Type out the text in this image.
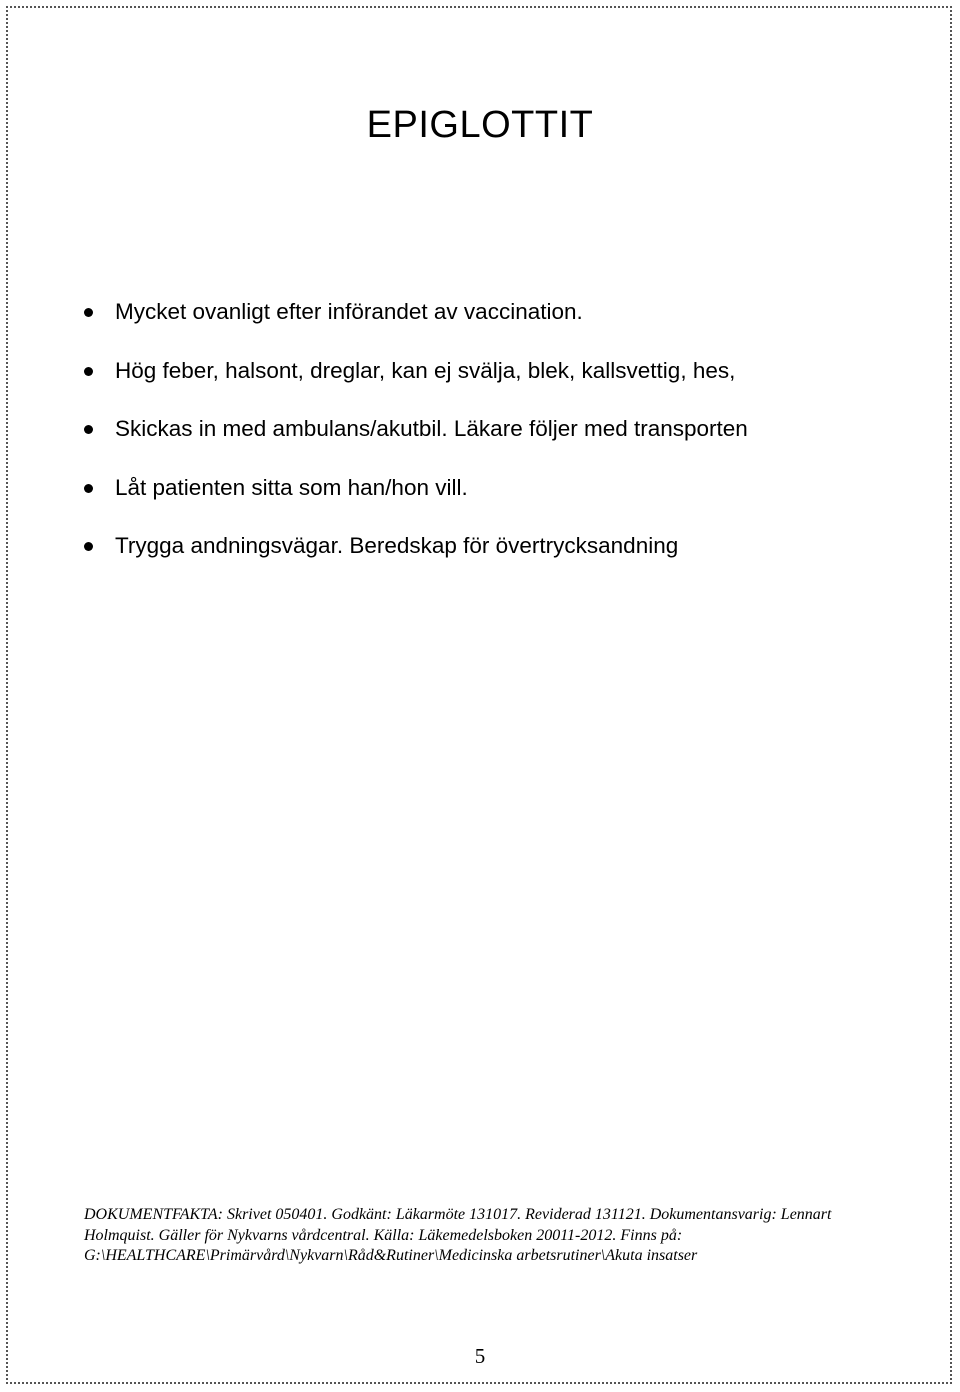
EPIGLOTTIT
Mycket ovanligt efter införandet av vaccination.
Hög feber, halsont, dreglar, kan ej svälja, blek, kallsvettig, hes,
Skickas in med ambulans/akutbil. Läkare följer med transporten
Låt patienten sitta som han/hon vill.
Trygga andningsvägar. Beredskap för övertrycksandning

DOKUMENTFAKTA: Skrivet 050401. Godkänt: Läkarmöte 131017. Reviderad 131121. Dokumentansvarig: Lennart
Holmquist. Gäller för Nykvarns vårdcentral. Källa: Läkemedelsboken 20011-2012. Finns på:
G:\HEALTHCARE\Primärvård\Nykvarn\Råd&Rutiner\Medicinska arbetsrutiner\Akuta insatser

5
